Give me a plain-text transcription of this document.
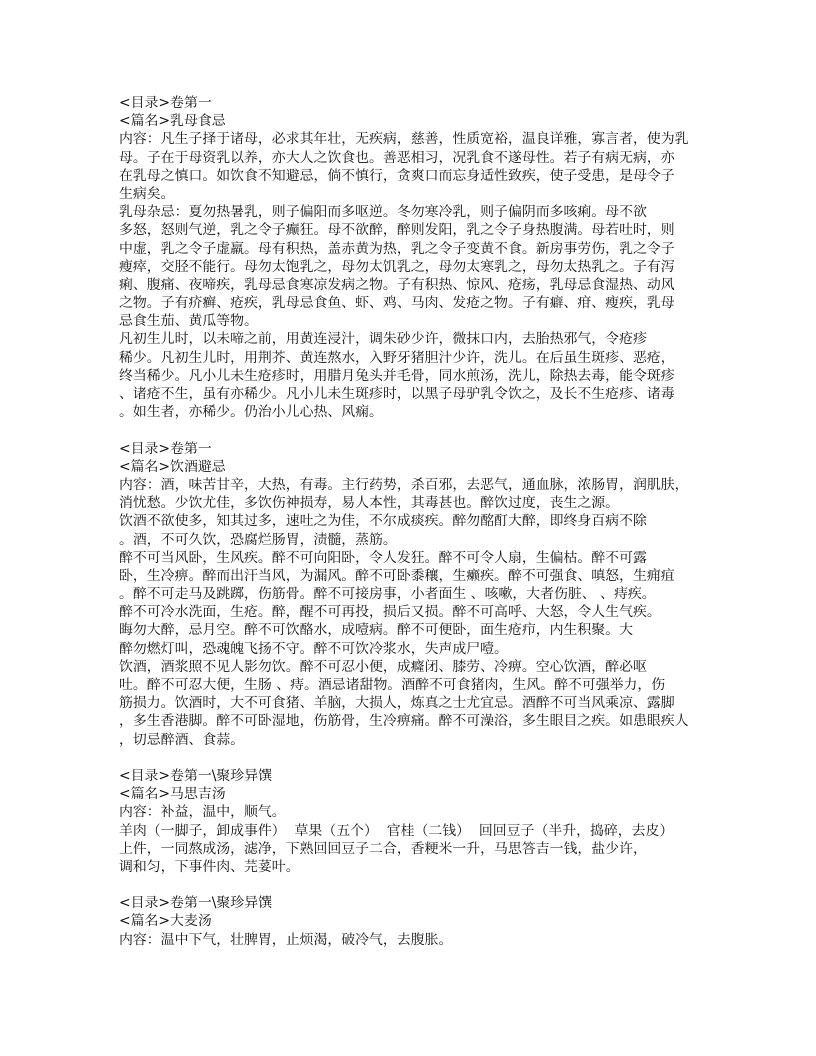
<目录>卷第一
<篇名>乳母食忌
内容：凡生子择于诸母，必求其年壮，无疾病，慈善，性质宽裕，温良详雅，寡言者，使为乳
母。子在于母资乳以养，亦大人之饮食也。善恶相习，况乳食不遂母性。若子有病无病，亦
在乳母之慎口。如饮食不知避忌，倘不慎行，贪爽口而忘身适性致疾，使子受患，是母令子
生病矣。
乳母杂忌：夏勿热暑乳，则子偏阳而多呕逆。冬勿寒冷乳，则子偏阴而多咳痢。母不欲
多怒，怒则气逆，乳之令子癫狂。母不欲醉，醉则发阳，乳之令子身热腹满。母若吐时，则
中虚，乳之令子虚羸。母有积热，盖赤黄为热，乳之令子变黄不食。新房事劳伤，乳之令子
瘦瘁，交胫不能行。母勿太饱乳之，母勿太饥乳之，母勿太寒乳之，母勿太热乳之。子有泻
痢、腹痛、夜啼疾，乳母忌食寒凉发病之物。子有积热、惊风、疮疡，乳母忌食湿热、动风
之物。子有疥癣、疮疾，乳母忌食鱼、虾、鸡、马肉、发疮之物。子有癖、疳、瘦疾，乳母
忌食生茄、黄瓜等物。
凡初生儿时，以未啼之前，用黄连浸汁，调朱砂少许，微抹口内，去胎热邪气，令疮疹
稀少。凡初生儿时，用荆芥、黄连熬水，入野牙猪胆汁少许，洗儿。在后虽生斑疹、恶疮，
终当稀少。凡小儿未生疮疹时，用腊月兔头并毛骨，同水煎汤，洗儿，除热去毒，能令斑疹
、诸疮不生，虽有亦稀少。凡小儿未生斑疹时，以黑子母驴乳令饮之，及长不生疮疹、诸毒
。如生者，亦稀少。仍治小儿心热、风痫。
<目录>卷第一
<篇名>饮酒避忌
内容：酒，味苦甘辛，大热，有毒。主行药势，杀百邪，去恶气，通血脉，浓肠胃，润肌肤，
消忧愁。少饮尤佳，多饮伤神损寿，易人本性，其毒甚也。醉饮过度，丧生之源。
饮酒不欲使多，知其过多，速吐之为佳，不尔成痰疾。醉勿酩酊大醉，即终身百病不除
。酒，不可久饮，恐腐烂肠胃，渍髓，蒸筋。
醉不可当风卧，生风疾。醉不可向阳卧，令人发狂。醉不可令人扇，生偏枯。醉不可露
卧，生冷痹。醉而出汗当风，为漏风。醉不可卧黍穰，生癞疾。醉不可强食、嗔怒，生痈疽
。醉不可走马及跳踯，伤筋骨。醉不可接房事，小者面生 、咳嗽，大者伤脏、 、痔疾。
醉不可冷水洗面，生疮。醉，醒不可再投，损后又损。醉不可高呼、大怒，令人生气疾。
晦勿大醉，忌月空。醉不可饮酪水，成噎病。醉不可便卧，面生疮疖，内生积聚。大
醉勿燃灯叫，恐魂魄飞扬不守。醉不可饮冷浆水，失声成尸噎。
饮酒，酒浆照不见人影勿饮。醉不可忍小便，成癃闭、膝劳、冷痹。空心饮酒，醉必呕
吐。醉不可忍大便，生肠 、痔。酒忌诸甜物。酒醉不可食猪肉，生风。醉不可强举力，伤
筋损力。饮酒时，大不可食猪、羊脑，大损人，炼真之士尤宜忌。酒醉不可当风乘凉、露脚
，多生香港脚。醉不可卧湿地，伤筋骨，生冷痹痛。醉不可澡浴，多生眼目之疾。如患眼疾人
，切忌醉酒、食蒜。
<目录>卷第一\聚珍异馔
<篇名>马思吉汤
内容：补益，温中，顺气。
羊肉（一脚子，卸成事件）  草果（五个）  官桂（二钱）  回回豆子（半升，捣碎，去皮）
上件，一同熬成汤，滤净，下熟回回豆子二合，香粳米一升，马思答吉一钱，盐少许，
调和匀，下事件肉、芫荽叶。
<目录>卷第一\聚珍异馔
<篇名>大麦汤
内容：温中下气，壮脾胃，止烦渴，破冷气，去腹胀。
